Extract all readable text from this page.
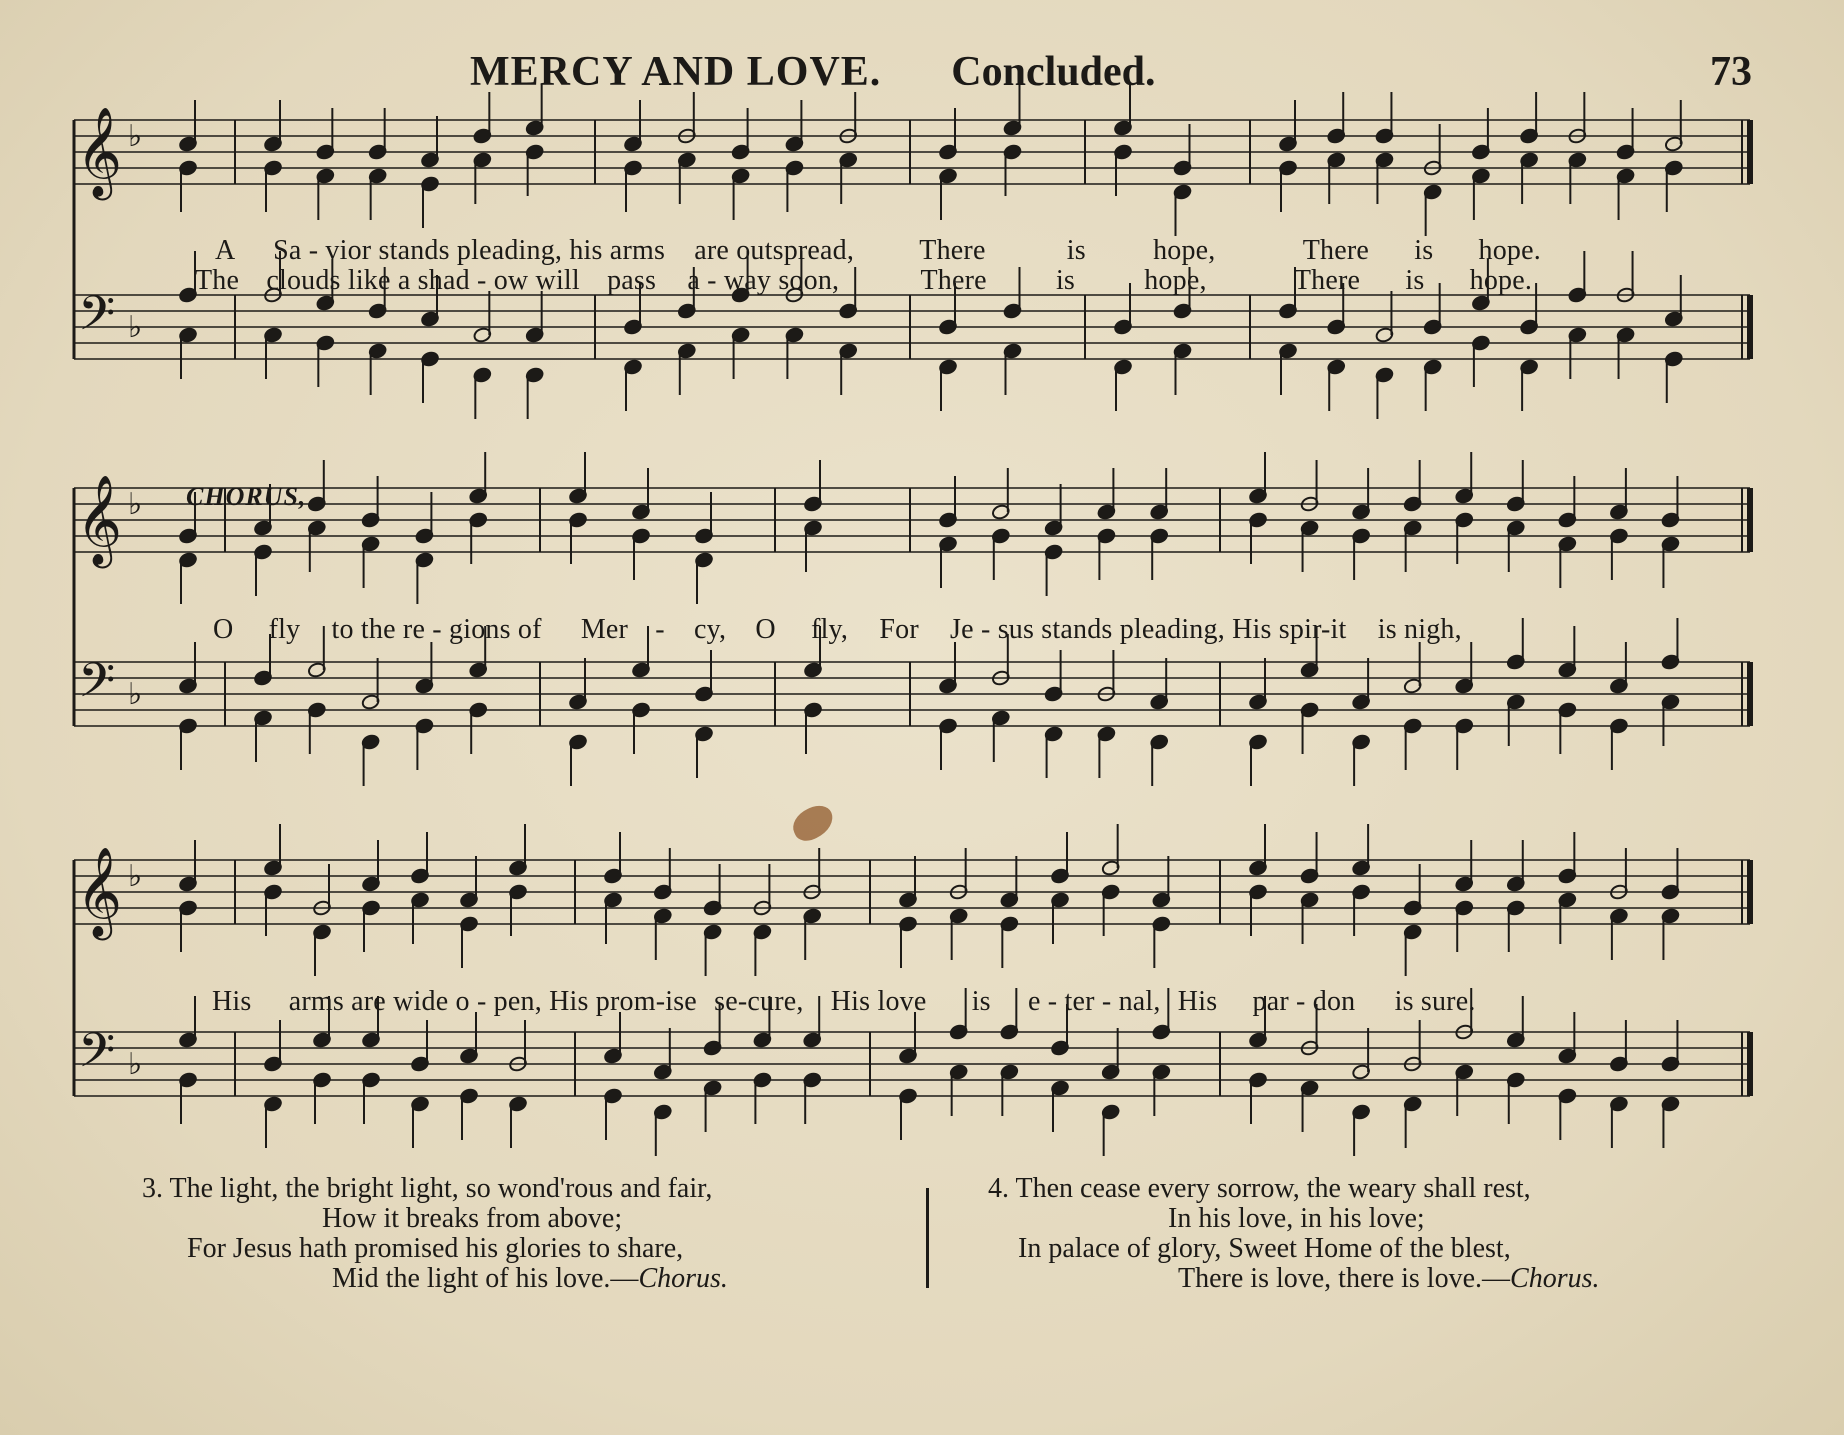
MERCY AND LOVE. Concluded.	73
𝄞
𝄢
♭
♭
A Sa - vior stands pleading, his arms are outspread, There	is hope,	There is hope.
The clouds like a shad - ow will pass a - way soon,	There is hope,	There is hope.
𝄞
𝄢
♭
♭
CHORUS,
O fly to the re - gions of Mer - cy, O fly, For Je - sus stands pleading, His spir-it is nigh,
𝄞
𝄢
♭
♭
His arms are wide o - pen, His prom-ise se-cure, His love is e - ter - nal, His par - don is sure.
3. The light, the bright light, so wond'rous and fair,
How it breaks from above;
For Jesus hath promised his glories to share,
Mid the light of his love.—Chorus.
4. Then cease every sorrow, the weary shall rest,
In his love, in his love;
In palace of glory, Sweet Home of the blest,
There is love, there is love.—Chorus.
